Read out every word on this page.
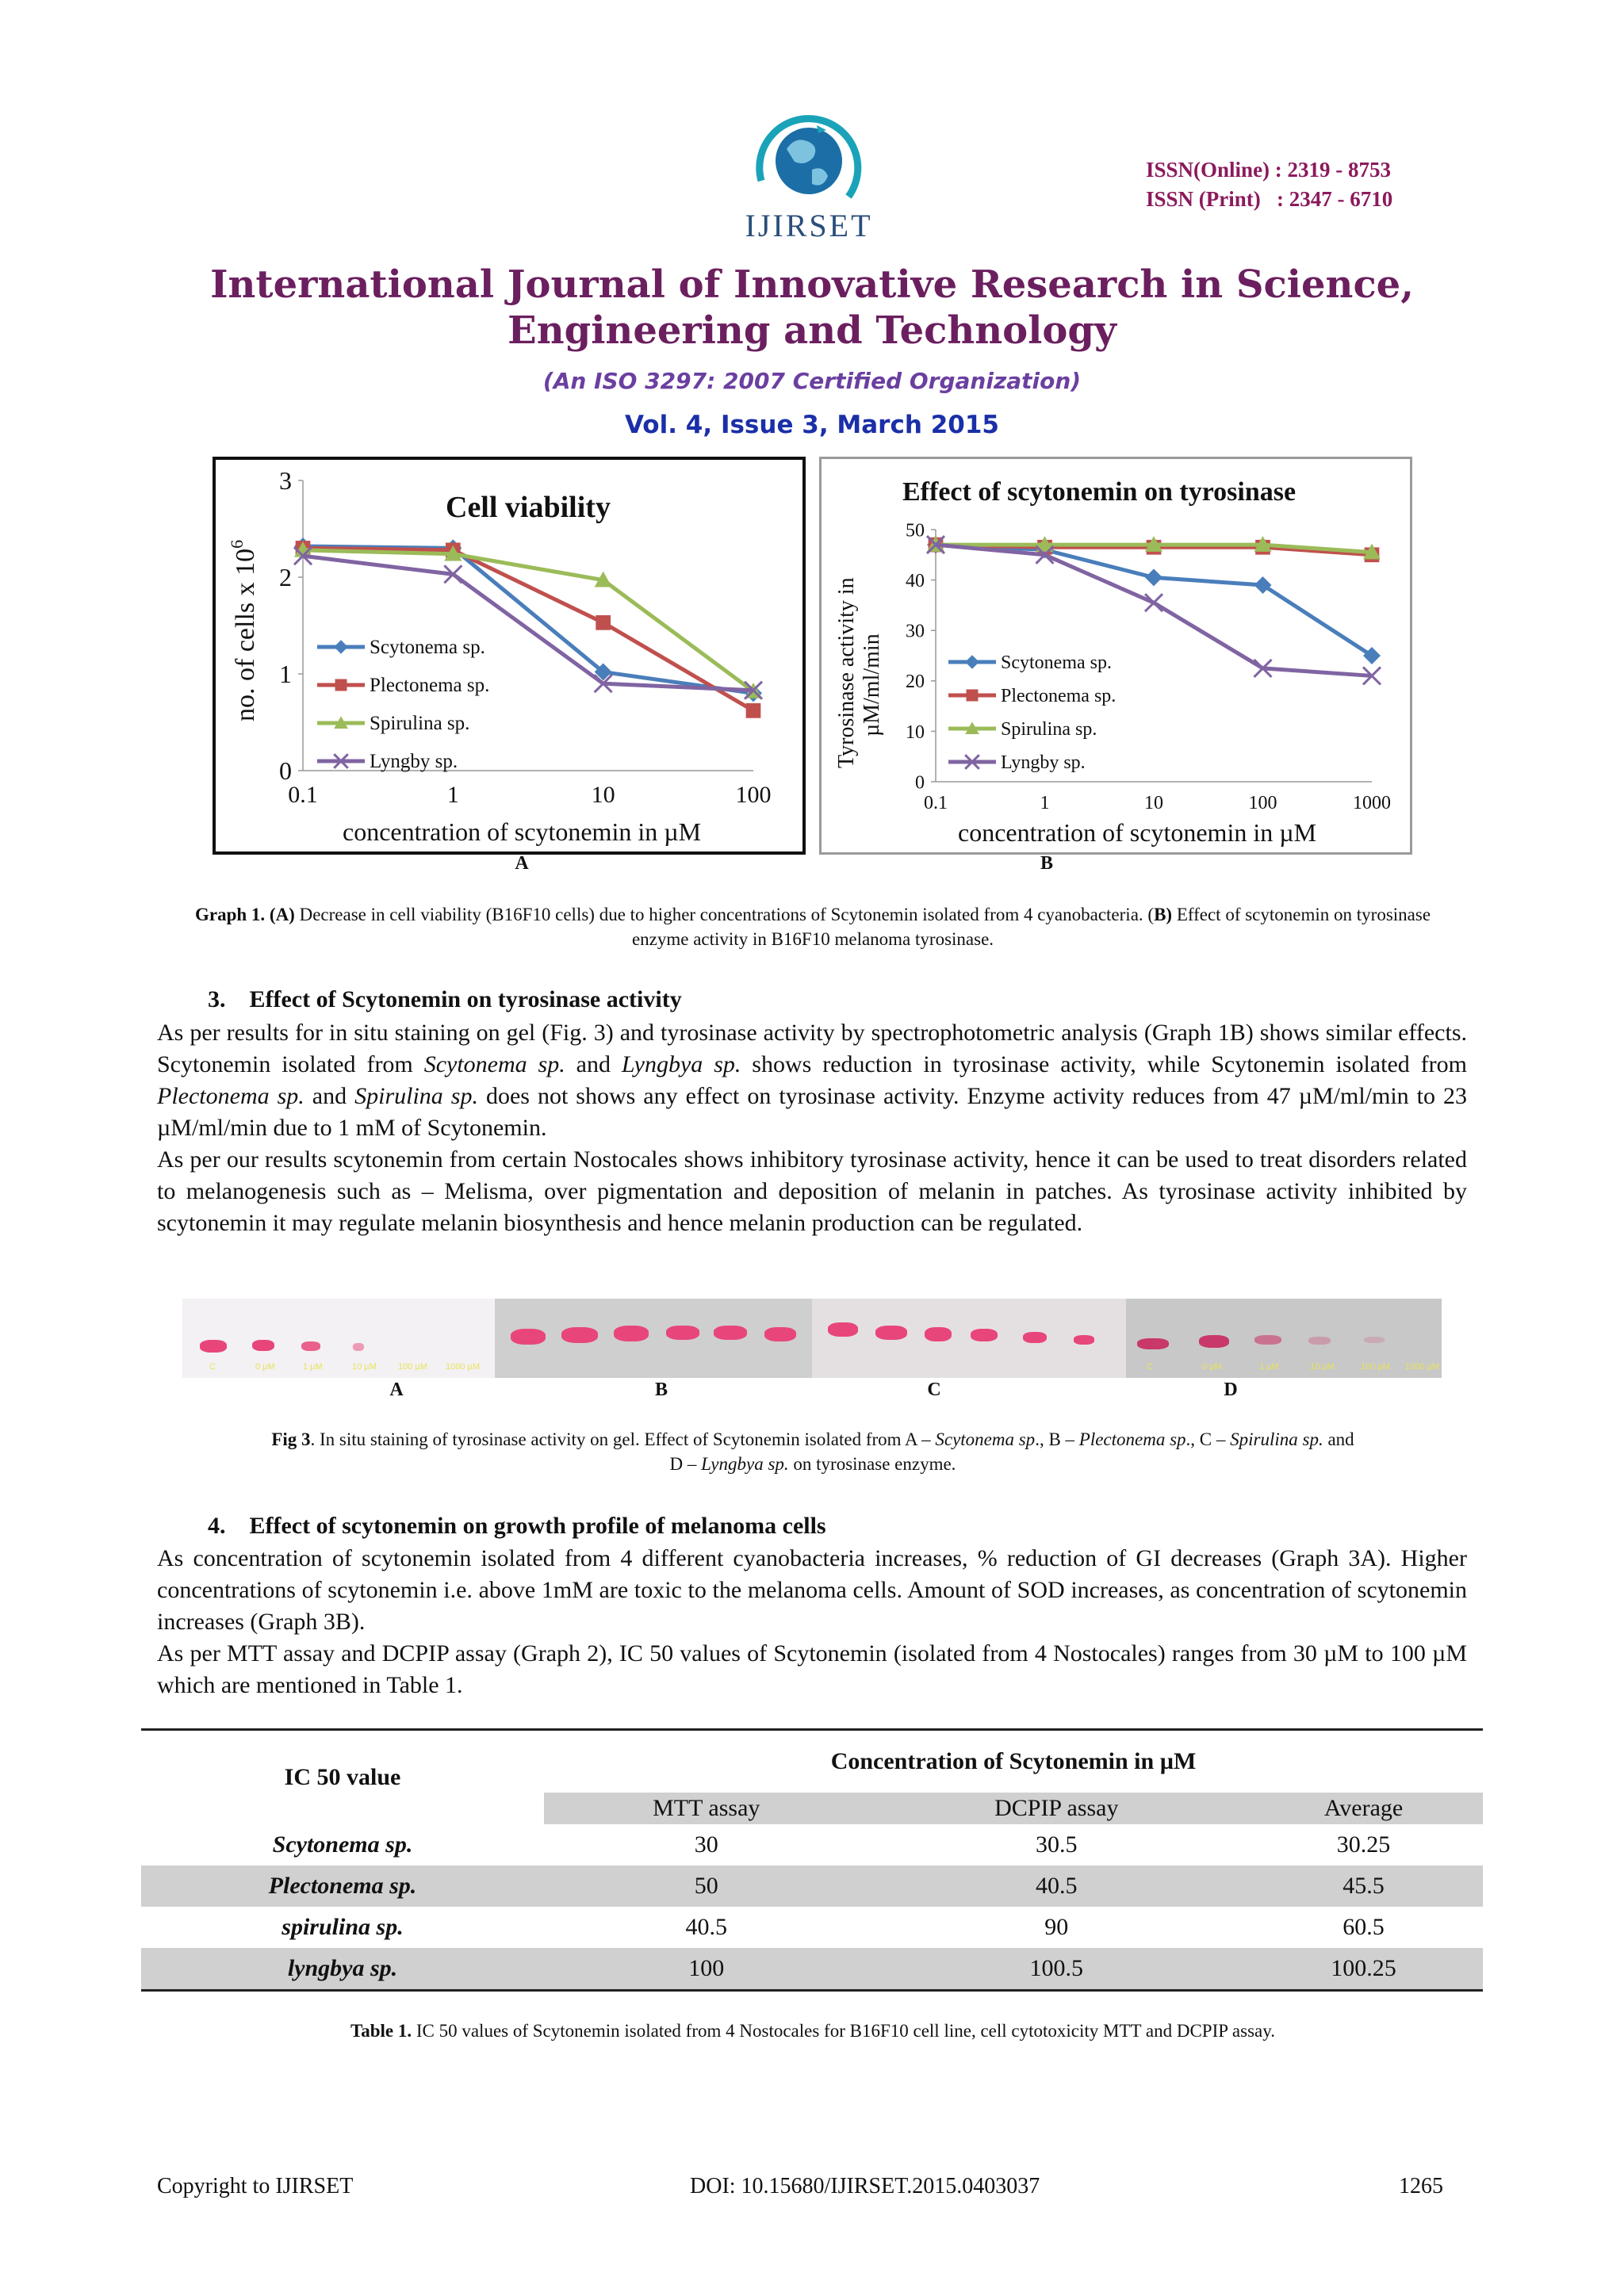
IJIRSET
ISSN(Online) : 2319 - 8753
ISSN (Print)   : 2347 - 6710
International Journal of Innovative Research in Science,
Engineering and Technology
(An ISO 3297: 2007 Certified Organization)
Vol. 4, Issue 3, March 2015
0
1
2
3
0.1	1	10	100
Scytonema sp.
Plectonema sp.
Spirulina sp.
Lyngby sp.
Cell viability
concentration of scytonemin in µM
no. of cells x $10^6$
A
0
10
20
30
40
50
0.1	1	10	100	1000
Scytonema sp.
Plectonema sp.
Spirulina sp.
Lyngby sp.
Effect of scytonemin on tyrosinase
concentration of scytonemin in µM
Tyrosinase activity in µM/ml/min
B
Graph 1. (A) Decrease in cell viability (B16F10 cells) due to higher concentrations of Scytonemin isolated from 4 cyanobacteria. (B) Effect of scytonemin on tyrosinase enzyme activity in B16F10 melanoma tyrosinase.
3.    Effect of Scytonemin on tyrosinase activity

As per results for in situ staining on gel (Fig. 3) and tyrosinase activity by spectrophotometric analysis (Graph 1B) shows similar effects. Scytonemin isolated from Scytonema sp. and Lyngbya sp. shows reduction in tyrosinase activity, while Scytonemin isolated from Plectonema sp. and Spirulina sp. does not shows any effect on tyrosinase activity. Enzyme activity reduces from 47 µM/ml/min to 23 µM/ml/min due to 1 mM of Scytonemin.

As per our results scytonemin from certain Nostocales shows inhibitory tyrosinase activity, hence it can be used to treat disorders related to melanogenesis such as – Melisma, over pigmentation and deposition of melanin in patches. As tyrosinase activity inhibited by scytonemin it may regulate melanin biosynthesis and hence melanin production can be regulated.

C	0 µM	1 µM	10 µM 100 µM 1000 µM	C	0 µM	1 µM	10 µM	100 µM 1000 µM
A	B	C	D
Fig 3. In situ staining of tyrosinase activity on gel. Effect of Scytonemin isolated from A – Scytonema sp., B – Plectonema sp., C – Spirulina sp. and
D – Lyngbya sp. on tyrosinase enzyme.
4.    Effect of scytonemin on growth profile of melanoma cells

As concentration of scytonemin isolated from 4 different cyanobacteria increases, % reduction of GI decreases (Graph 3A). Higher concentrations of scytonemin i.e. above 1mM are toxic to the melanoma cells. Amount of SOD increases, as concentration of scytonemin increases (Graph 3B).

As per MTT assay and DCPIP assay (Graph 2), IC 50 values of Scytonemin (isolated from 4 Nostocales) ranges from 30 µM to 100 µM which are mentioned in Table 1.

IC 50 value	Concentration of Scytonemin in µM		
	MTT assay	DCPIP assay	Average
Scytonema sp.	30	30.5	30.25
Plectonema sp.	50	40.5	45.5
spirulina sp.	40.5	90	60.5
lyngbya sp.	100	100.5	100.25
Table 1. IC 50 values of Scytonemin isolated from 4 Nostocales for B16F10 cell line, cell cytotoxicity MTT and DCPIP assay.
Copyright to IJIRSET	DOI: 10.15680/IJIRSET.2015.0403037	1265
